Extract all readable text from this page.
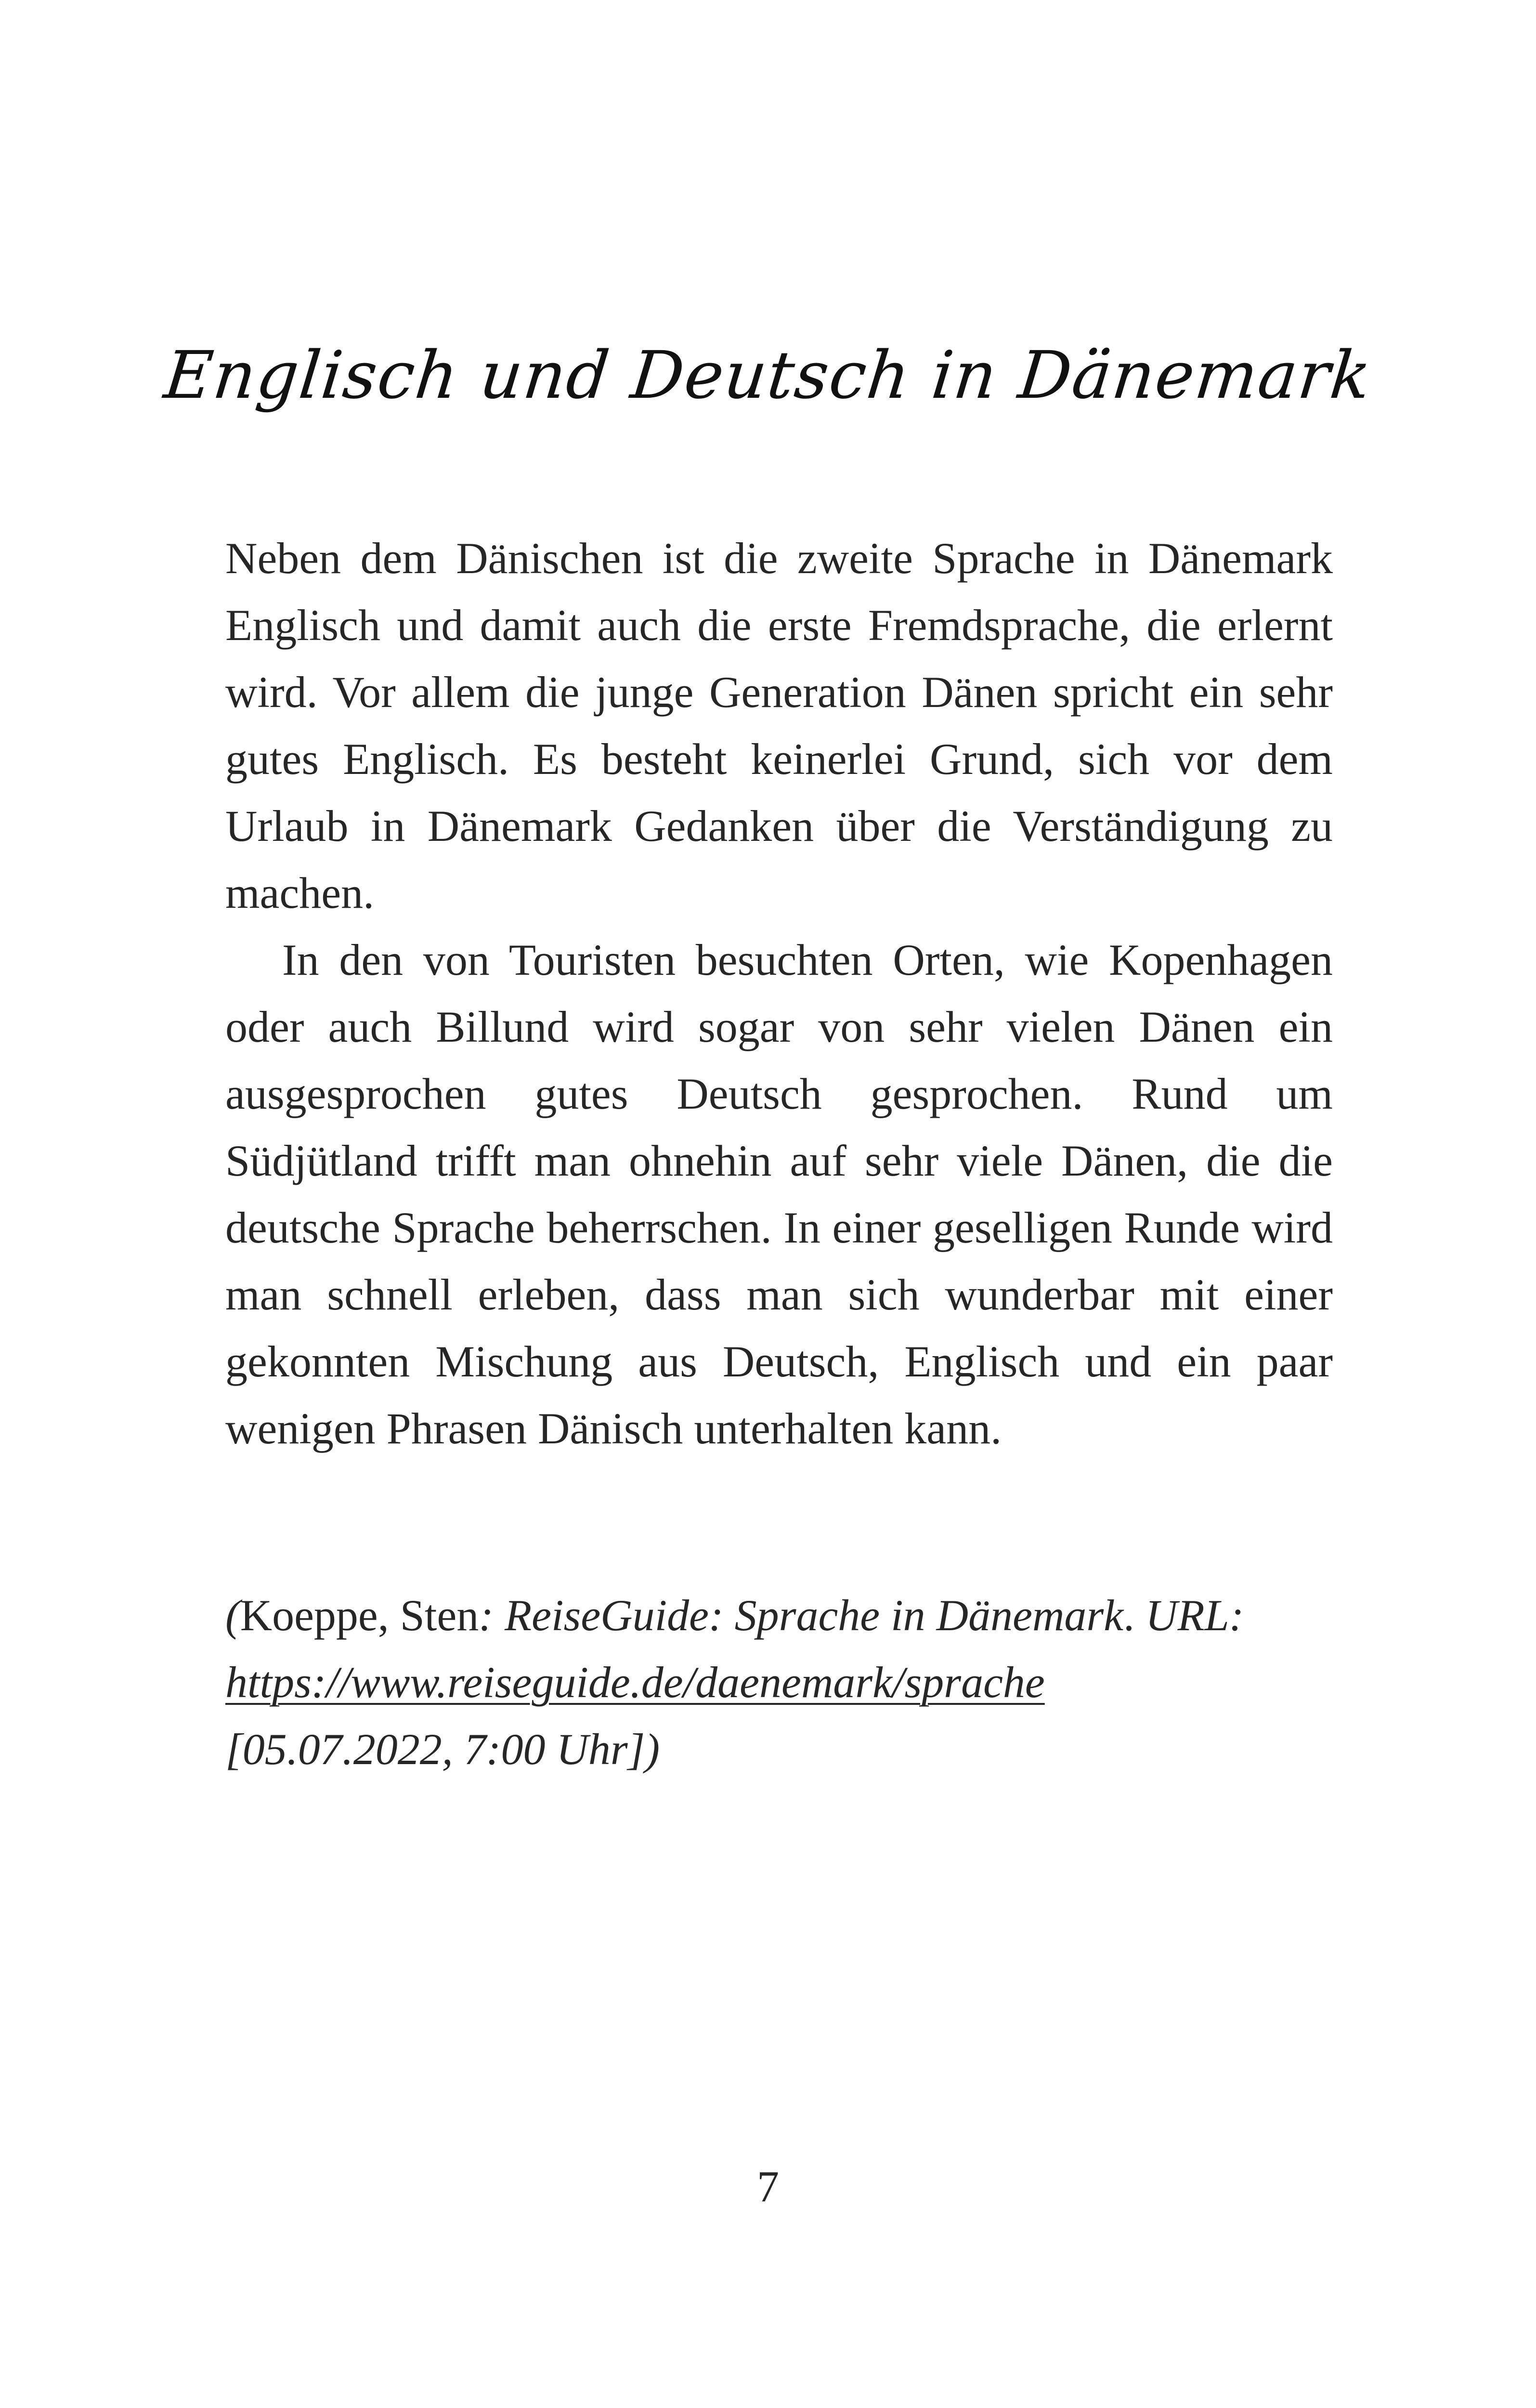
Englisch und Deutsch in Dänemark

Neben dem Dänischen ist die zweite Sprache in Dänemark Englisch und damit auch die erste Fremdsprache, die erlernt wird. Vor allem die junge Generation Dänen spricht ein sehr gutes Englisch. Es besteht keinerlei Grund, sich vor dem Urlaub in Dänemark Gedanken über die Verständigung zu machen.

In den von Touristen besuchten Orten, wie Kopenhagen oder auch Billund wird sogar von sehr vielen Dänen ein ausgesprochen gutes Deutsch gesprochen. Rund um Südjütland trifft man ohnehin auf sehr viele Dänen, die die deutsche Sprache beherrschen. In einer geselligen Runde wird man schnell erleben, dass man sich wunderbar mit einer gekonnten Mischung aus Deutsch, Englisch und ein paar wenigen Phrasen Dänisch unterhalten kann.

(Koeppe, Sten: ReiseGuide: Sprache in Dänemark. URL:
https://www.reiseguide.de/daenemark/sprache
[05.07.2022, 7:00 Uhr])
7
